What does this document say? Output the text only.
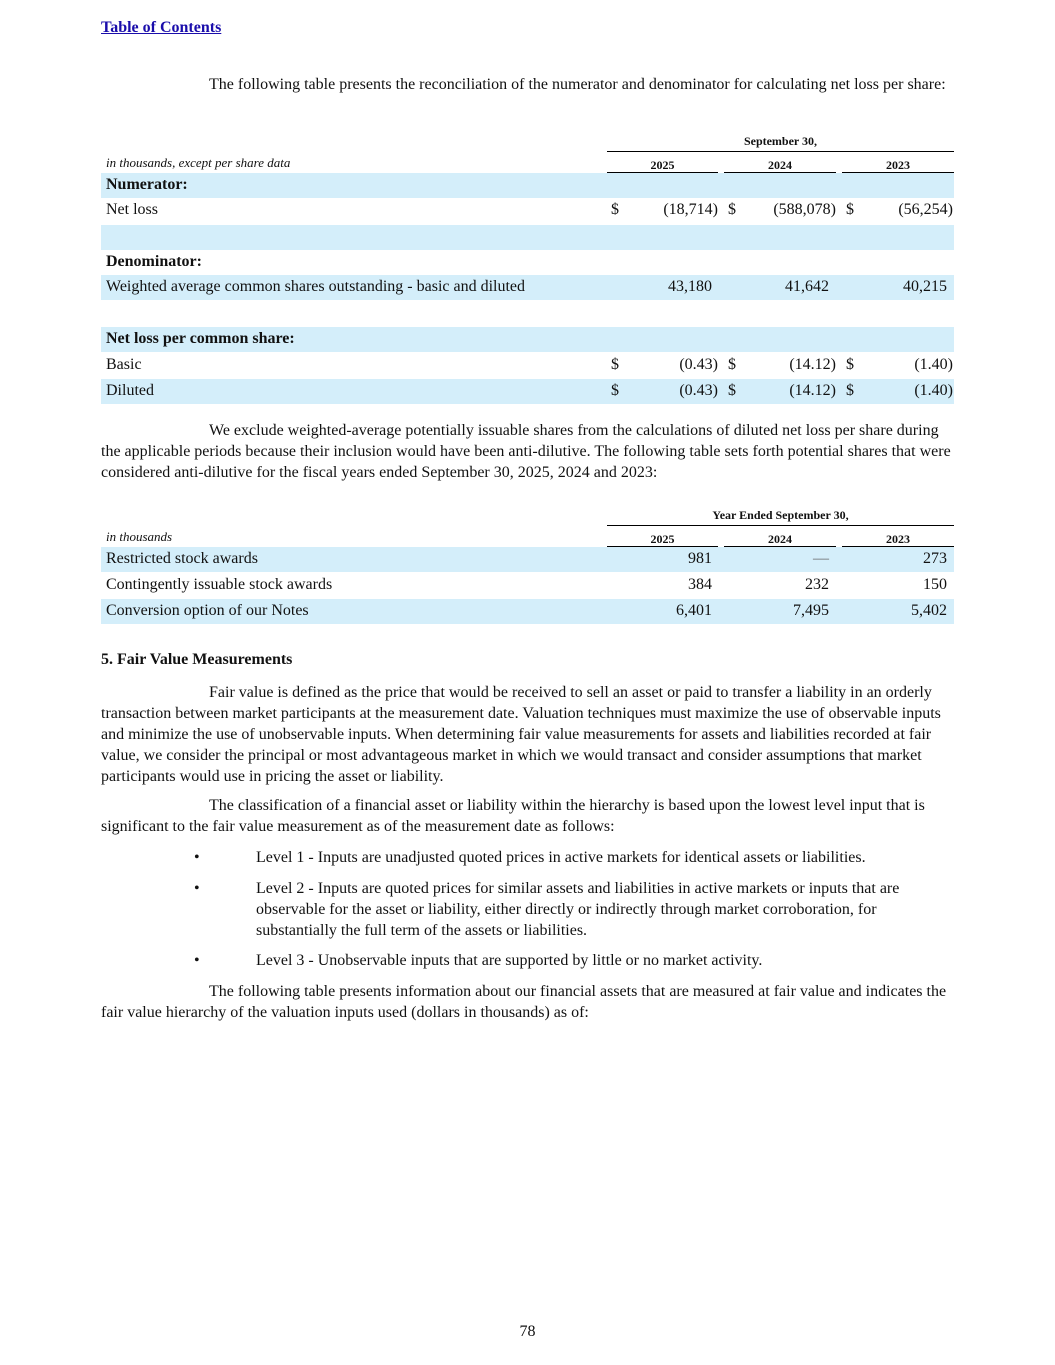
Table of Contents

The following table presents the reconciliation of the numerator and denominator for calculating net loss per share:

September 30,
in thousands, except per share data	2025	2024	2023
Numerator:
Net loss	$	(18,714) $	(588,078) $	(56,254)
Denominator:
Weighted average common shares outstanding - basic and diluted	43,180	41,642	40,215
Net loss per common share:
Basic	$	(0.43) $	(14.12) $	(1.40)
Diluted	$	(0.43) $	(14.12) $	(1.40)

We exclude weighted-average potentially issuable shares from the calculations of diluted net loss per share during the applicable periods because their inclusion would have been anti-dilutive. The following table sets forth potential shares that were considered anti-dilutive for the fiscal years ended September 30, 2025, 2024 and 2023:

Year Ended September 30,
in thousands	2025	2024	2023
Restricted stock awards	981	—	273
Contingently issuable stock awards	384	232	150
Conversion option of our Notes	6,401	7,495	5,402
5. Fair Value Measurements

Fair value is defined as the price that would be received to sell an asset or paid to transfer a liability in an orderly transaction between market participants at the measurement date. Valuation techniques must maximize the use of observable inputs and minimize the use of unobservable inputs. When determining fair value measurements for assets and liabilities recorded at fair value, we consider the principal or most advantageous market in which we would transact and consider assumptions that market participants would use in pricing the asset or liability.

The classification of a financial asset or liability within the hierarchy is based upon the lowest level input that is significant to the fair value measurement as of the measurement date as follows:

•	Level 1 - Inputs are unadjusted quoted prices in active markets for identical assets or liabilities.
•	Level 2 - Inputs are quoted prices for similar assets and liabilities in active markets or inputs that are observable for the asset or liability, either directly or indirectly through market corroboration, for substantially the full term of the assets or liabilities.
•	Level 3 - Unobservable inputs that are supported by little or no market activity.

The following table presents information about our financial assets that are measured at fair value and indicates the fair value hierarchy of the valuation inputs used (dollars in thousands) as of:

78
